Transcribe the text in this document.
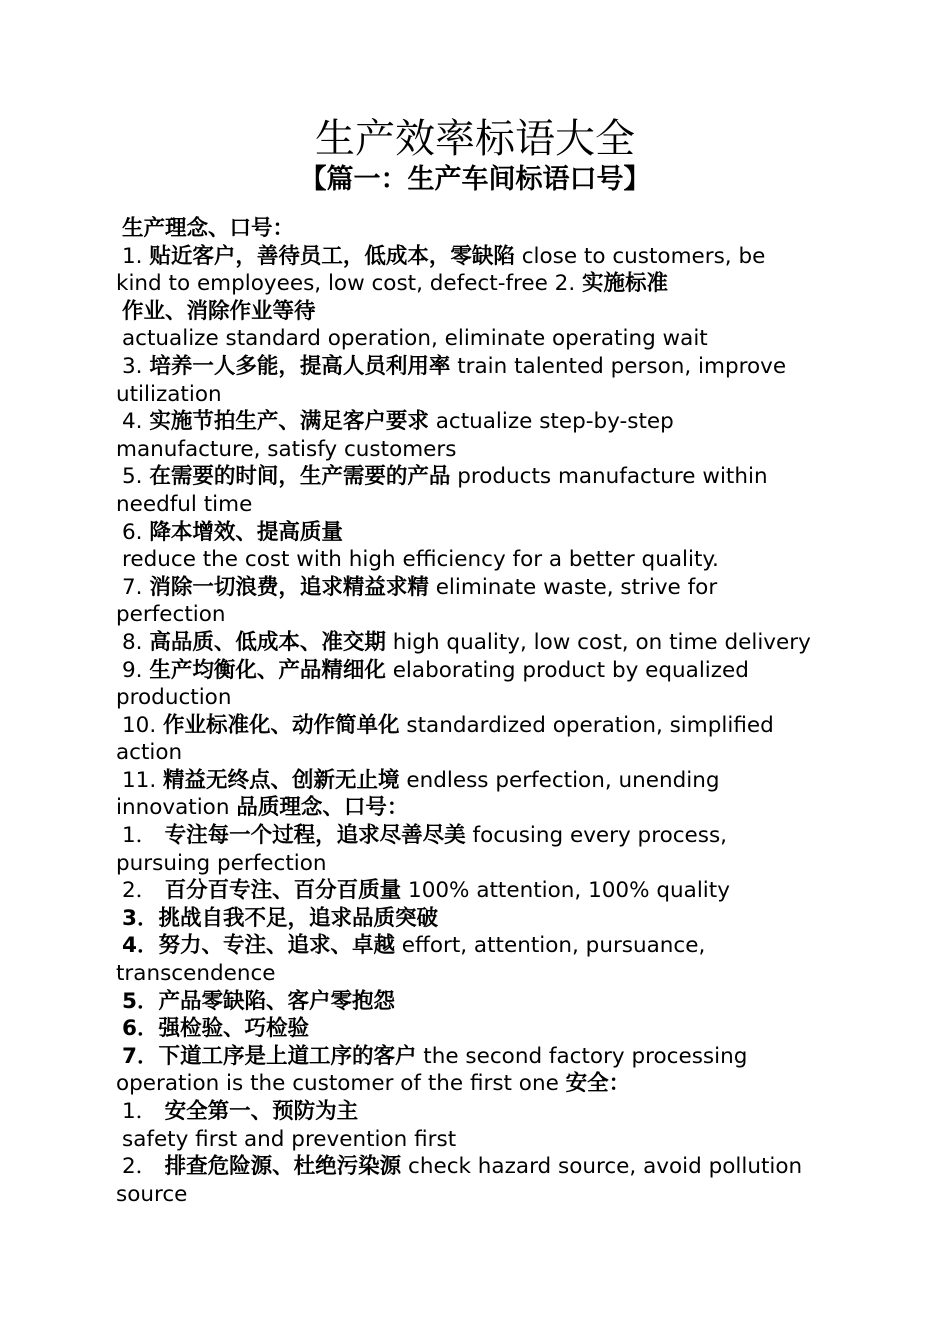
生产效率标语大全
【篇一：生产车间标语口号】
生产理念、口号：
1. 贴近客户，善待员工，低成本，零缺陷 close to customers, be
kind to employees, low cost, defect-free 2. 实施标准
作业、消除作业等待
actualize standard operation, eliminate operating wait
3. 培养一人多能，提高人员利用率 train talented person, improve
utilization
4. 实施节拍生产、满足客户要求 actualize step-by-step
manufacture, satisfy customers
5. 在需要的时间，生产需要的产品 products manufacture within
needful time
6. 降本增效、提高质量
reduce the cost with high efficiency for a better quality.
7. 消除一切浪费，追求精益求精 eliminate waste, strive for
perfection
8. 高品质、低成本、准交期 high quality, low cost, on time delivery
9. 生产均衡化、产品精细化 elaborating product by equalized
production
10. 作业标准化、动作简单化 standardized operation, simplified
action
11. 精益无终点、创新无止境 endless perfection, unending
innovation 品质理念、口号：
1． 专注每一个过程，追求尽善尽美 focusing every process,
pursuing perfection
2． 百分百专注、百分百质量 100% attention, 100% quality
3．挑战自我不足，追求品质突破
4．努力、专注、追求、卓越 effort, attention, pursuance,
transcendence
5．产品零缺陷、客户零抱怨
6．强检验、巧检验
7．下道工序是上道工序的客户 the second factory processing
operation is the customer of the first one 安全：
1． 安全第一、预防为主
safety first and prevention first
2． 排查危险源、杜绝污染源 check hazard source, avoid pollution
source
